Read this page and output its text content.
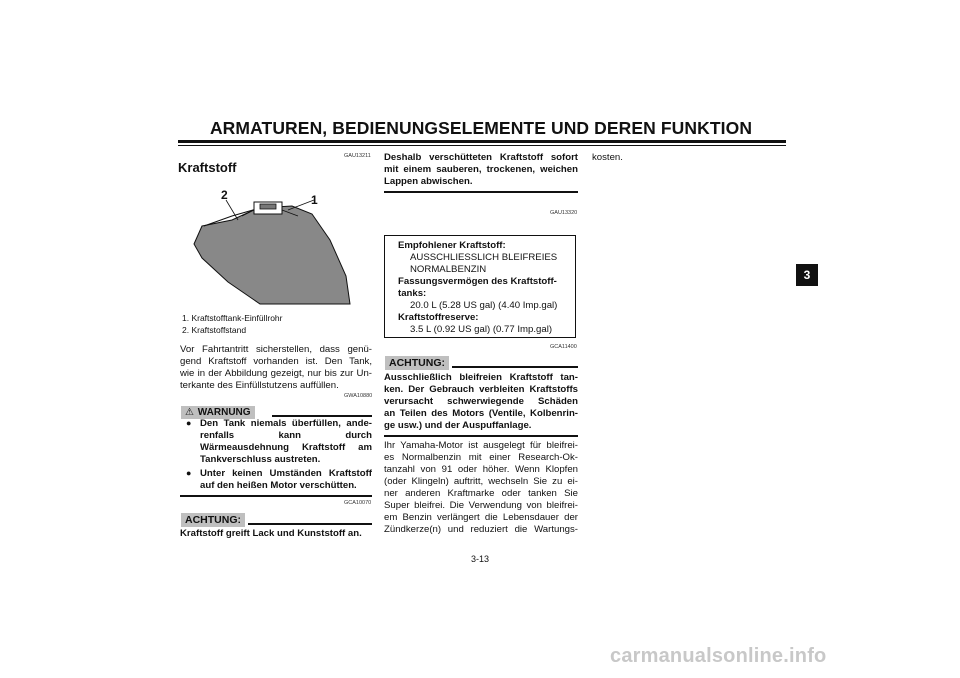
ARMATUREN, BEDIENUNGSELEMENTE UND DEREN FUNKTION
3
GAU13211
Kraftstoff
2	1
1. Kraftstofftank-Einfüllrohr
2. Kraftstoffstand
Vor Fahrtantritt sicherstellen, dass genü-
gend Kraftstoff vorhanden ist. Den Tank,
wie in der Abbildung gezeigt, nur bis zur Un-
terkante des Einfüllstutzens auffüllen.
GWA10880
⚠ WARNUNG
● Den Tank niemals überfüllen, ande-
renfalls kann durch
Wärmeausdehnung Kraftstoff am
Tankverschluss austreten.
● Unter keinen Umständen Kraftstoff
auf den heißen Motor verschütten.
GCA10070
ACHTUNG:
Kraftstoff greift Lack und Kunststoff an.
Deshalb verschütteten Kraftstoff sofort
mit einem sauberen, trockenen, weichen
Lappen abwischen.
GAU13320
Empfohlener Kraftstoff:
AUSSCHLIESSLICH BLEIFREIES
NORMALBENZIN
Fassungsvermögen des Kraftstoff-
tanks:
20.0 L (5.28 US gal) (4.40 Imp.gal)
Kraftstoffreserve:
3.5 L (0.92 US gal) (0.77 Imp.gal)
GCA11400
ACHTUNG:
Ausschließlich bleifreien Kraftstoff tan-
ken. Der Gebrauch verbleiten Kraftstoffs
verursacht schwerwiegende Schäden
an Teilen des Motors (Ventile, Kolbenrin-
ge usw.) und der Auspuffanlage.
Ihr Yamaha-Motor ist ausgelegt für bleifrei-
es Normalbenzin mit einer Research-Ok-
tanzahl von 91 oder höher. Wenn Klopfen
(oder Klingeln) auftritt, wechseln Sie zu ei-
ner anderen Kraftmarke oder tanken Sie
Super bleifrei. Die Verwendung von bleifrei-
em Benzin verlängert die Lebensdauer der
Zündkerze(n) und reduziert die Wartungs-
kosten.
3-13
carmanualsonline.info
